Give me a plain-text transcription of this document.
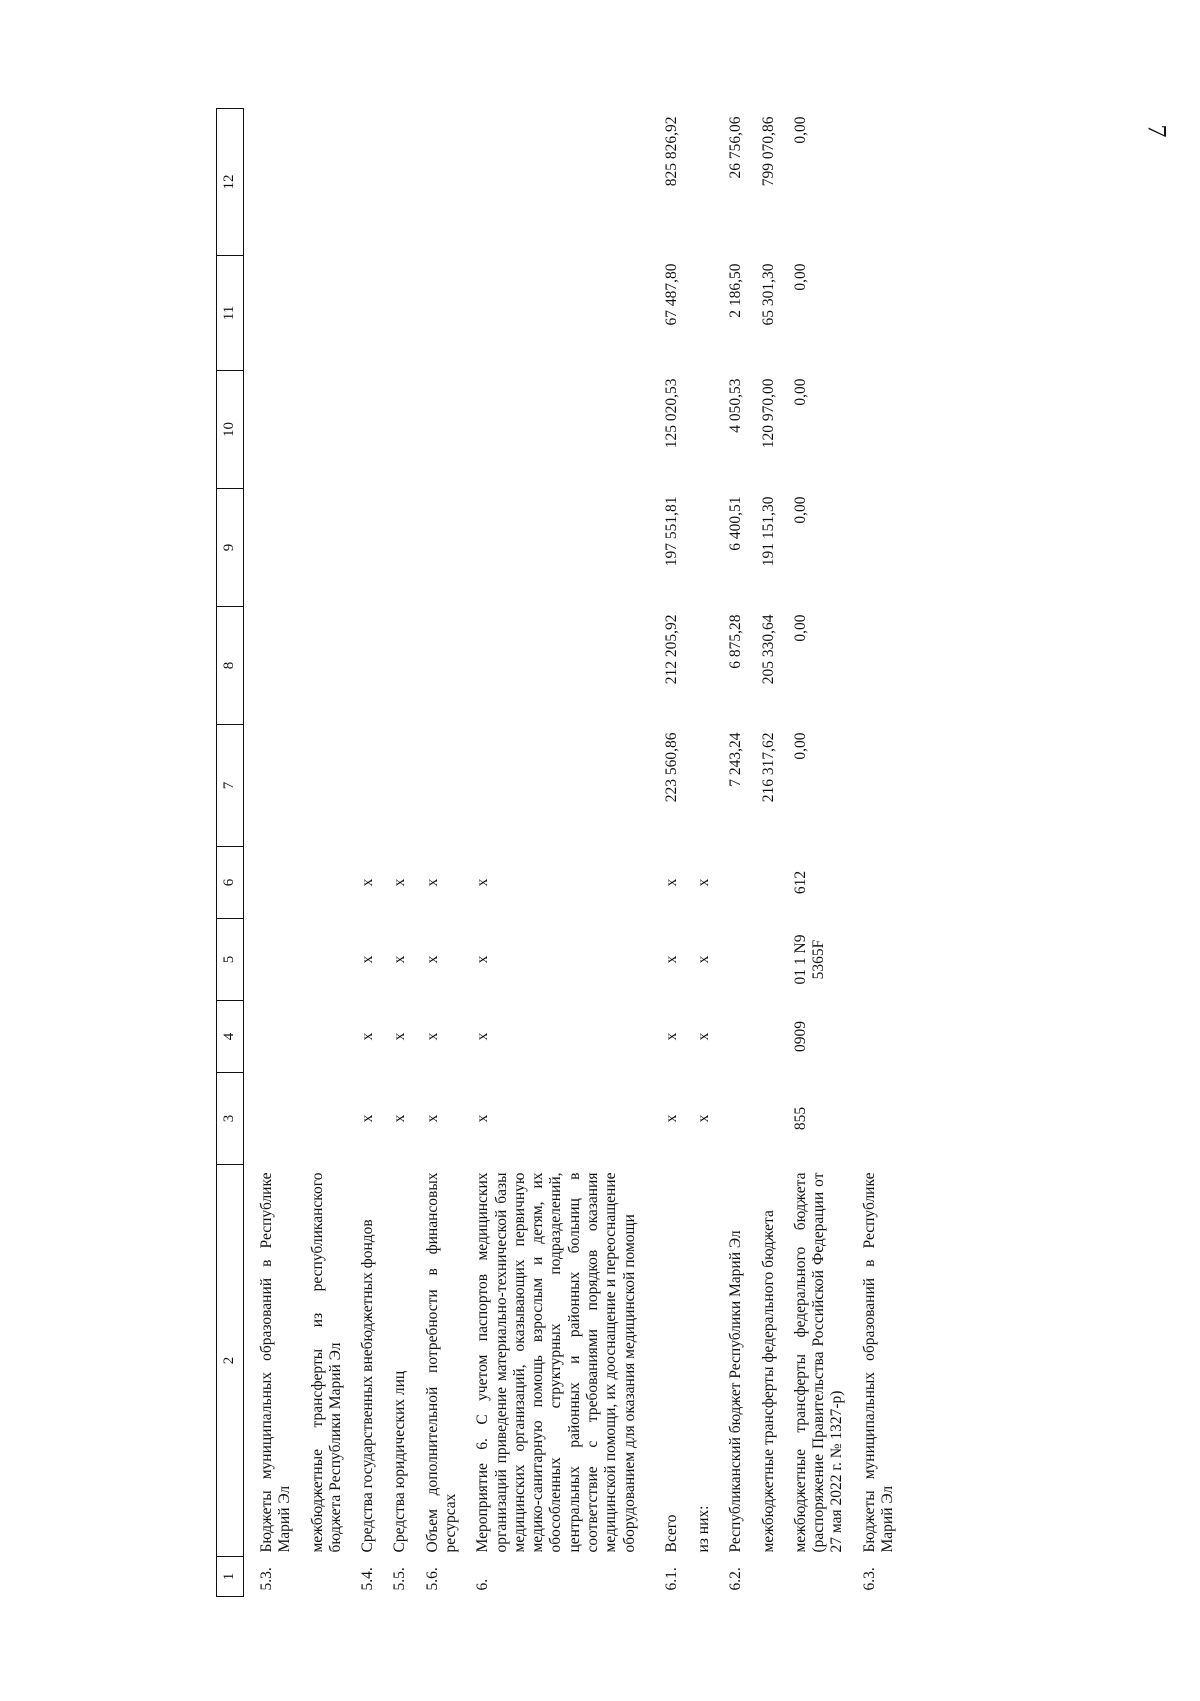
7
1	2	3	4	5	6	7	8	9	10	11	12
5.3.	Бюджеты муниципальных образований в Республике Марий Эл										
	межбюджетные трансферты из республиканского бюджета Республики Марий Эл										
5.4.	Средства государственных внебюджетных фондов	x	x	x	x						
5.5.	Средства юридических лиц	x	x	x	x						
5.6.	Объем дополнительной потребности в финансовых ресурсах	x	x	x	x						
6.	Мероприятие 6. С учетом паспортов медицинских организаций приведение материально-технической базы медицинских организаций, оказывающих первичную медико-санитарную помощь взрослым и детям, их обособленных структурных подразделений, центральных районных и районных больниц в соответствие с требованиями порядков оказания медицинской помощи, их дооснащение и переоснащение оборудованием для оказания медицинской помощи	x	x	x	x						
6.1.	Всего	x	x	x	x	223 560,86	212 205,92	197 551,81	125 020,53	67 487,80	825 826,92
	из них:	x	x	x	x						
6.2.	Республиканский бюджет Республики Марий Эл					7 243,24	6 875,28	6 400,51	4 050,53	2 186,50	26 756,06
	межбюджетные трансферты федерального бюджета					216 317,62	205 330,64	191 151,30	120 970,00	65 301,30	799 070,86
	межбюджетные трансферты федерального бюджета (распоряжение Правительства Российской Федерации от 27 мая 2022 г. № 1327-р)	855	0909	01 1 N9 5365F	612	0,00	0,00	0,00	0,00	0,00	0,00
6.3.	Бюджеты муниципальных образований в Республике Марий Эл										
